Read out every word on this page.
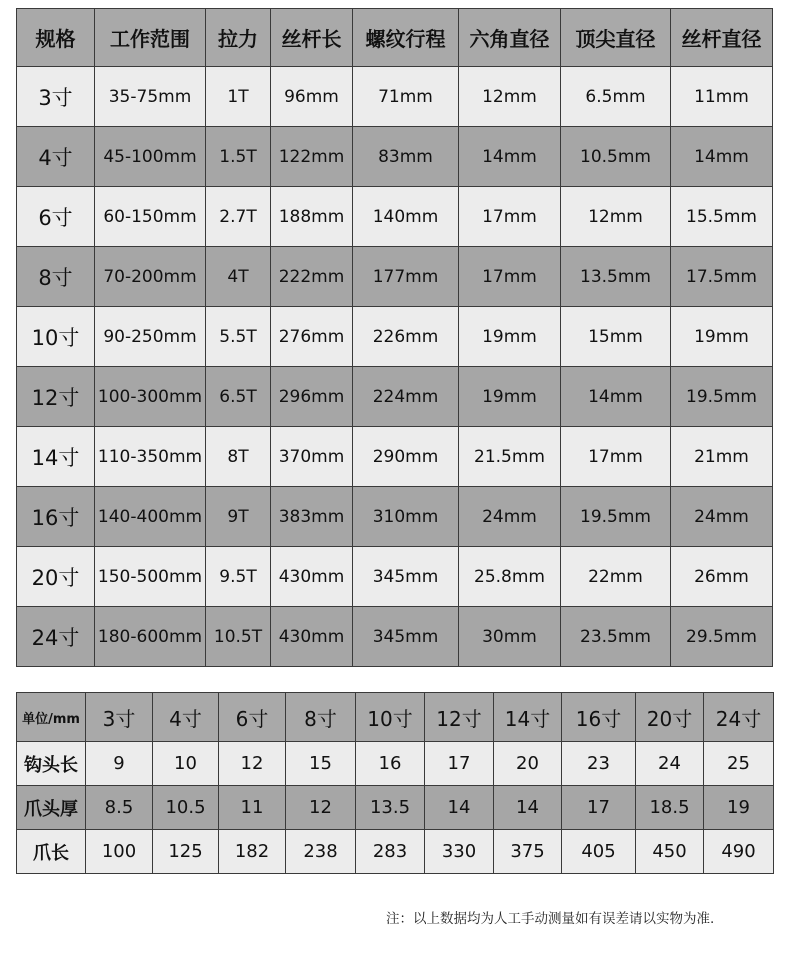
规格	工作范围	拉力	丝杆长	螺纹行程	六角直径	顶尖直径	丝杆直径
3寸	35-75mm	1T	96mm	71mm	12mm	6.5mm	11mm
4寸	45-100mm	1.5T	122mm	83mm	14mm	10.5mm	14mm
6寸	60-150mm	2.7T	188mm	140mm	17mm	12mm	15.5mm
8寸	70-200mm	4T	222mm	177mm	17mm	13.5mm	17.5mm
10寸	90-250mm	5.5T	276mm	226mm	19mm	15mm	19mm
12寸	100-300mm	6.5T	296mm	224mm	19mm	14mm	19.5mm
14寸	110-350mm	8T	370mm	290mm	21.5mm	17mm	21mm
16寸	140-400mm	9T	383mm	310mm	24mm	19.5mm	24mm
20寸	150-500mm	9.5T	430mm	345mm	25.8mm	22mm	26mm
24寸	180-600mm	10.5T	430mm	345mm	30mm	23.5mm	29.5mm
单位/mm	3寸	4寸	6寸	8寸	10寸	12寸	14寸	16寸	20寸	24寸
钩头长	9	10	12	15	16	17	20	23	24	25
爪头厚	8.5	10.5	11	12	13.5	14	14	17	18.5	19
爪长	100	125	182	238	283	330	375	405	450	490
注：以上数据均为人工手动测量如有误差请以实物为准.
